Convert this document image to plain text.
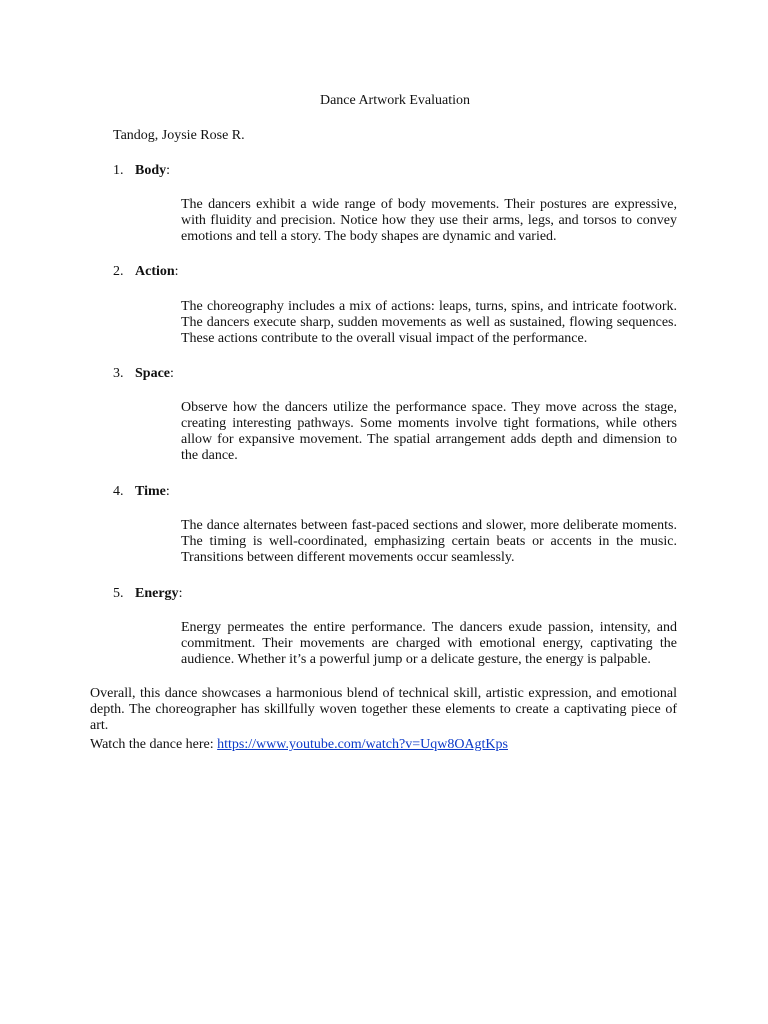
Dance Artwork Evaluation
Tandog, Joysie Rose R.
1. Body:
The dancers exhibit a wide range of body movements. Their postures are expressive, with fluidity and precision. Notice how they use their arms, legs, and torsos to convey emotions and tell a story. The body shapes are dynamic and varied.
2. Action:
The choreography includes a mix of actions: leaps, turns, spins, and intricate footwork. The dancers execute sharp, sudden movements as well as sustained, flowing sequences. These actions contribute to the overall visual impact of the performance.
3. Space:
Observe how the dancers utilize the performance space. They move across the stage, creating interesting pathways. Some moments involve tight formations, while others allow for expansive movement. The spatial arrangement adds depth and dimension to the dance.
4. Time:
The dance alternates between fast-paced sections and slower, more deliberate moments. The timing is well-coordinated, emphasizing certain beats or accents in the music. Transitions between different movements occur seamlessly.
5. Energy:
Energy permeates the entire performance. The dancers exude passion, intensity, and commitment. Their movements are charged with emotional energy, captivating the audience. Whether it’s a powerful jump or a delicate gesture, the energy is palpable.
Overall, this dance showcases a harmonious blend of technical skill, artistic expression, and emotional depth. The choreographer has skillfully woven together these elements to create a captivating piece of art.
Watch the dance here: https://www.youtube.com/watch?v=Uqw8OAgtKps
